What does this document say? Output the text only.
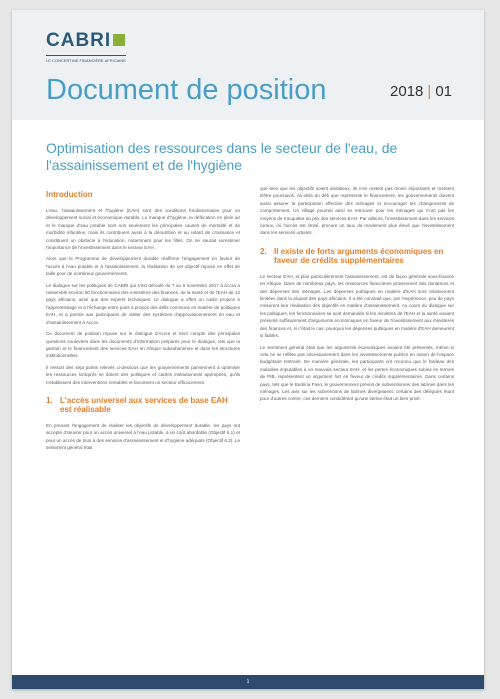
CABRI
LE CONCERTINE FINANCIÈRE AFRICAINE
Document de position	2018 | 01
Optimisation des ressources dans le secteur de l'eau, de l'assainissement et de l'hygiène
Introduction

L'eau, l'assainissement et l'hygiène (EAH) sont des conditions fondamentales pour un développement social et économique durable. Le manque d'hygiène, la défécation en plein air et le manque d'eau potable sont non seulement les principales causes de mortalité et de morbidité infantiles, mais ils contribuent aussi à la dénutrition et au retard de croissance et constituent un obstacle à l'éducation, notamment pour les filles. On ne saurait surestimer l'importance de l'investissement dans le secteur EAH.

Alors que le Programme de développement durable réaffirme l'engagement en faveur de l'accès à l'eau potable et à l'assainissement, la réalisation de cet objectif repose en effet de taille pour de nombreux gouvernements.

Le dialogue sur les politiques de CABRI qui s'est déroulé du 7 au 9 novembre 2017 à Accra a rassemblé environ 50 fonctionnaires des ministères des finances, de la santé et de l'EAH de 12 pays africains, ainsi que des experts techniques. Le dialogue a offert un cadre propice à l'apprentissage et à l'échange entre pairs à propos des défis communs en matière de politiques EAH, et a permis aux participants de visiter des systèmes d'approvisionnement en eau et d'assainissement à Accra.

Ce document de position repose sur le dialogue d'Accra et tient compte des principales questions soulevées dans les documents d'information préparés pour le dialogue, tels que la gestion et le financement des services EAH en Afrique subsaharienne et dans les structures institutionnelles.

Il ressort des sept points relevés ci-dessous que les gouvernements parviennent à optimiser les ressources lorsqu'ils se dotent des politiques et cadres institutionnels appropriés, qu'ils n'établissent des interventions rentables et favorisent un secteur efficacement.

1. L'accès universel aux services de base EAH est réalisable

En prenant l'engagement de réaliser les objectifs de développement durable, les pays ont accepté d'œuvrer pour un accès universel à l'eau potable, à un coût abordable (Objectif 6.1) et pour un accès de tous à des services d'assainissement et d'hygiène adéquats (Objectif 6.2). Le sentiment général était

que bien que les objectifs soient ambitieux, ils n'en restent pas moins importants et méritent d'être poursuivis. Au-delà du défi que représente le financement, les gouvernements doivent aussi assurer la participation effective des ménages et encourager les changements de comportement. Un village pourrait ainsi se retrouver pour les ménages qui n'ont pas les moyens de s'acquitter du prix des services EAH. Par ailleurs, l'investissement dans les services ruraux, où l'accès est limité, procure un taux de rendement plus élevé que l'investissement dans les services urbains.

2. Il existe de forts arguments économiques en faveur de crédits supplémentaires

Le secteur EAH, et plus particulièrement l'assainissement, est de façon générale sous-financé en Afrique. Dans de nombreux pays, les ressources financières proviennent des donateurs et des dépenses des ménages. Les dépenses publiques en matière d'EAH sont relativement limitées dans la plupart des pays africains. Il a été constaté que, par l'expérience, peu de pays mesurent leur réalisation des objectifs en matière d'assainissement. Au cours du dialogue sur les politiques, les fonctionnaires se sont demandés si les ministres de l'EAH et la santé avaient présenté suffisamment d'arguments économiques en faveur de l'investissement aux ministères des finances et, si c'était le cas, pourquoi les dépenses publiques en matière d'EAH demeurent si faibles.

Le sentiment général était que les arguments économiques avaient été présentés, même si cela ne se reflète pas nécessairement dans les investissements publics en raison de l'espace budgétaire restreint. De manière générale, les participants ont reconnu que le fardeau des maladies imputables à un mauvais secteur EAH, et les pertes économiques subies en termes de PIB, représentent un argument fort en faveur de crédits supplémentaires. Dans certains pays, tels que le Burkina Faso, le gouvernement prévoit de subventionner des latrines dans les ménages. Les avis sur les subventions de latrines divergeaient, certains des délégués étant pour d'autres contre, ces derniers considérant qu'une latrine était un bien privé.

1
